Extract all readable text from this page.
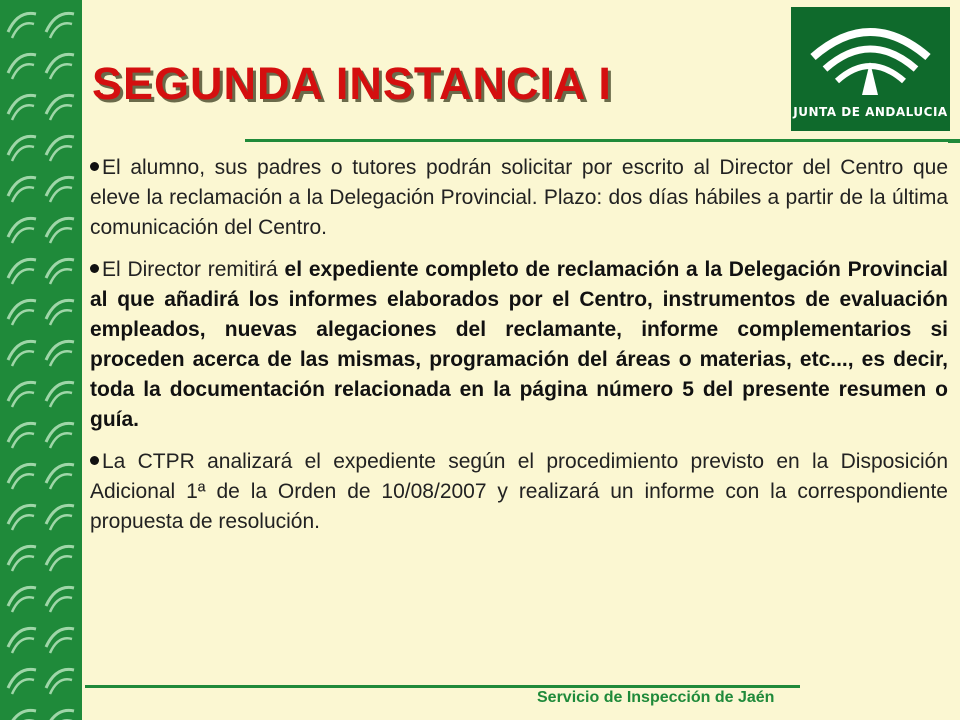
SEGUNDA INSTANCIA I
JUNTA DE ANDALUCIA

El alumno, sus padres o tutores podrán solicitar por escrito al Director del Centro que eleve la reclamación a la Delegación Provincial. Plazo: dos días hábiles a partir de la última comunicación del Centro.

El Director remitirá el expediente completo de reclamación a la Delegación Provincial al que añadirá los informes elaborados por el Centro, instrumentos de evaluación empleados, nuevas alegaciones del reclamante, informe complementarios si proceden acerca de las mismas, programación del áreas o materias, etc..., es decir, toda la documentación relacionada en la página número 5 del presente resumen o guía.

La CTPR analizará el expediente según el procedimiento previsto en la Disposición Adicional 1ª de la Orden de 10/08/2007 y realizará un informe con la correspondiente propuesta de resolución.

Servicio de Inspección de Jaén
